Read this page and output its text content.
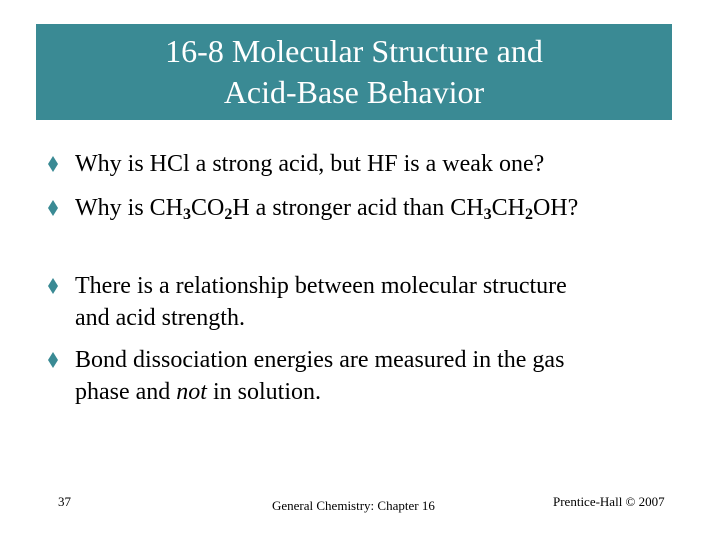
16-8 Molecular Structure and
Acid-Base Behavior
Why is HCl a strong acid, but HF is a weak one?
Why is $CH_3CO_2H$ a stronger acid than $CH_3CH_2OH$?
There is a relationship between molecular structure
and acid strength.
Bond dissociation energies are measured in the gas
phase and not in solution.
37	General Chemistry: Chapter 16	Prentice-Hall © 2007
